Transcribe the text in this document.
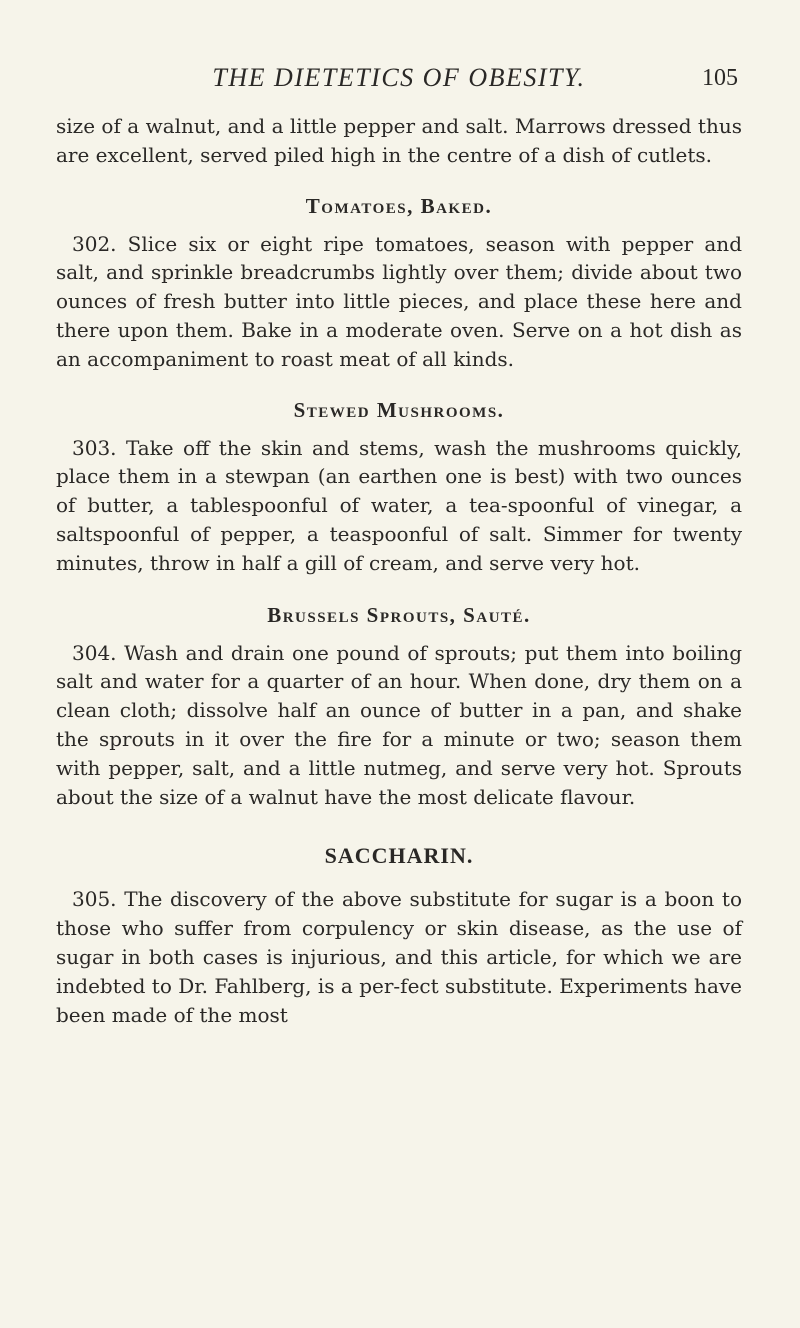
THE DIETETICS OF OBESITY.	105

size of a walnut, and a little pepper and salt. Marrows dressed thus are excellent, served piled high in the centre of a dish of cutlets.

Tomatoes, Baked.

302. Slice six or eight ripe tomatoes, season with pepper and salt, and sprinkle breadcrumbs lightly over them; divide about two ounces of fresh butter into little pieces, and place these here and there upon them. Bake in a moderate oven. Serve on a hot dish as an accompaniment to roast meat of all kinds.

Stewed Mushrooms.

303. Take off the skin and stems, wash the mushrooms quickly, place them in a stewpan (an earthen one is best) with two ounces of butter, a tablespoonful of water, a tea-spoonful of vinegar, a saltspoonful of pepper, a teaspoonful of salt. Simmer for twenty minutes, throw in half a gill of cream, and serve very hot.

Brussels Sprouts, Sauté.

304. Wash and drain one pound of sprouts; put them into boiling salt and water for a quarter of an hour. When done, dry them on a clean cloth; dissolve half an ounce of butter in a pan, and shake the sprouts in it over the fire for a minute or two; season them with pepper, salt, and a little nutmeg, and serve very hot. Sprouts about the size of a walnut have the most delicate flavour.

SACCHARIN.

305. The discovery of the above substitute for sugar is a boon to those who suffer from corpulency or skin disease, as the use of sugar in both cases is injurious, and this article, for which we are indebted to Dr. Fahlberg, is a per-fect substitute. Experiments have been made of the most
